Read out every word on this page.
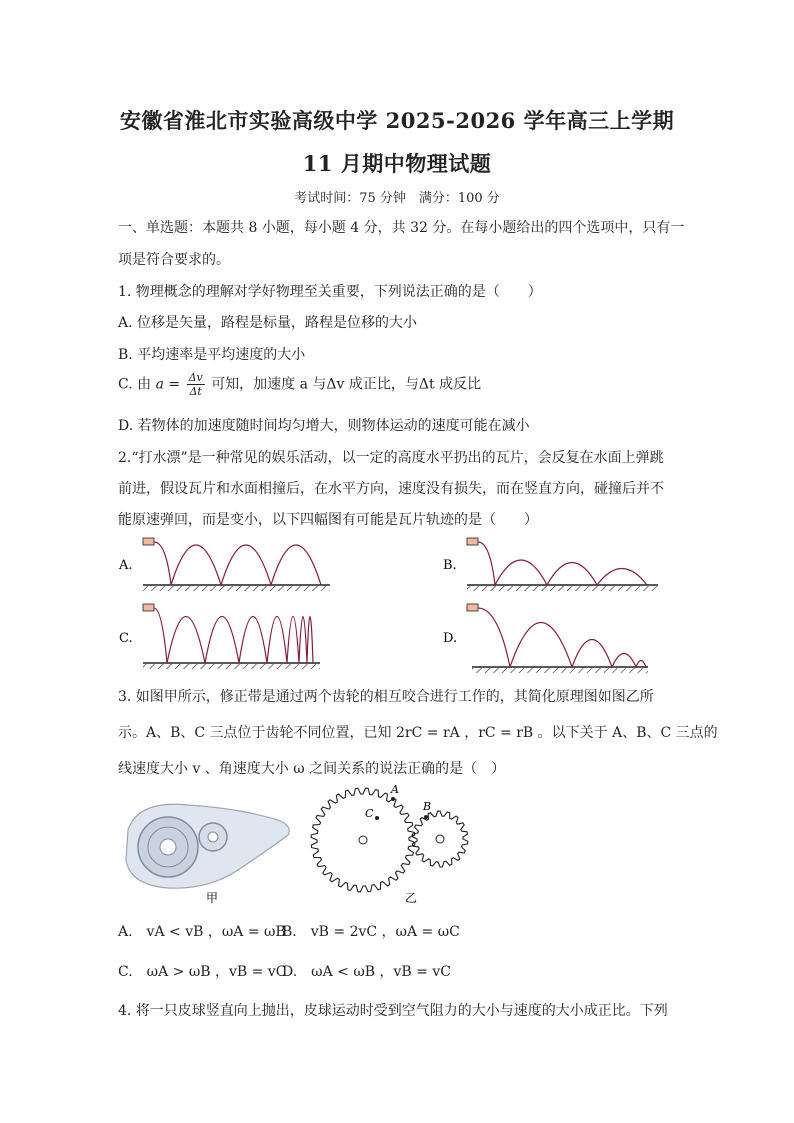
安徽省淮北市实验高级中学 2025-2026 学年高三上学期
11 月期中物理试题
考试时间：75 分钟　满分：100 分
一、单选题：本题共 8 小题，每小题 4 分，共 32 分。在每小题给出的四个选项中，只有一
项是符合要求的。
1. 物理概念的理解对学好物理至关重要，下列说法正确的是（　　）
A. 位移是矢量，路程是标量，路程是位移的大小
B. 平均速率是平均速度的大小
C. 由 $a = \frac{\Delta v}{\Delta t}$ 可知，加速度 a 与Δv 成正比，与Δt 成反比
D. 若物体的加速度随时间均匀增大，则物体运动的速度可能在减小
2.“打水漂”是一种常见的娱乐活动，以一定的高度水平扔出的瓦片，会反复在水面上弹跳
前进，假设瓦片和水面相撞后，在水平方向，速度没有损失，而在竖直方向，碰撞后并不
能原速弹回，而是变小，以下四幅图有可能是瓦片轨迹的是（　　）
A.	B.
C.	D.
3. 如图甲所示，修正带是通过两个齿轮的相互咬合进行工作的，其简化原理图如图乙所
示。A、B、C 三点位于齿轮不同位置，已知 2rC = rA ，rC = rB 。以下关于 A、B、C 三点的
线速度大小 v 、角速度大小 ω 之间关系的说法正确的是（　）
甲
C
A
B
乙
A.　vA < vB ，ωA = ωB
B.　vB = 2vC ，ωA = ωC
C.　ωA > ωB ，vB = vC
D.　ωA < ωB ，vB = vC
4. 将一只皮球竖直向上抛出，皮球运动时受到空气阻力的大小与速度的大小成正比。下列
